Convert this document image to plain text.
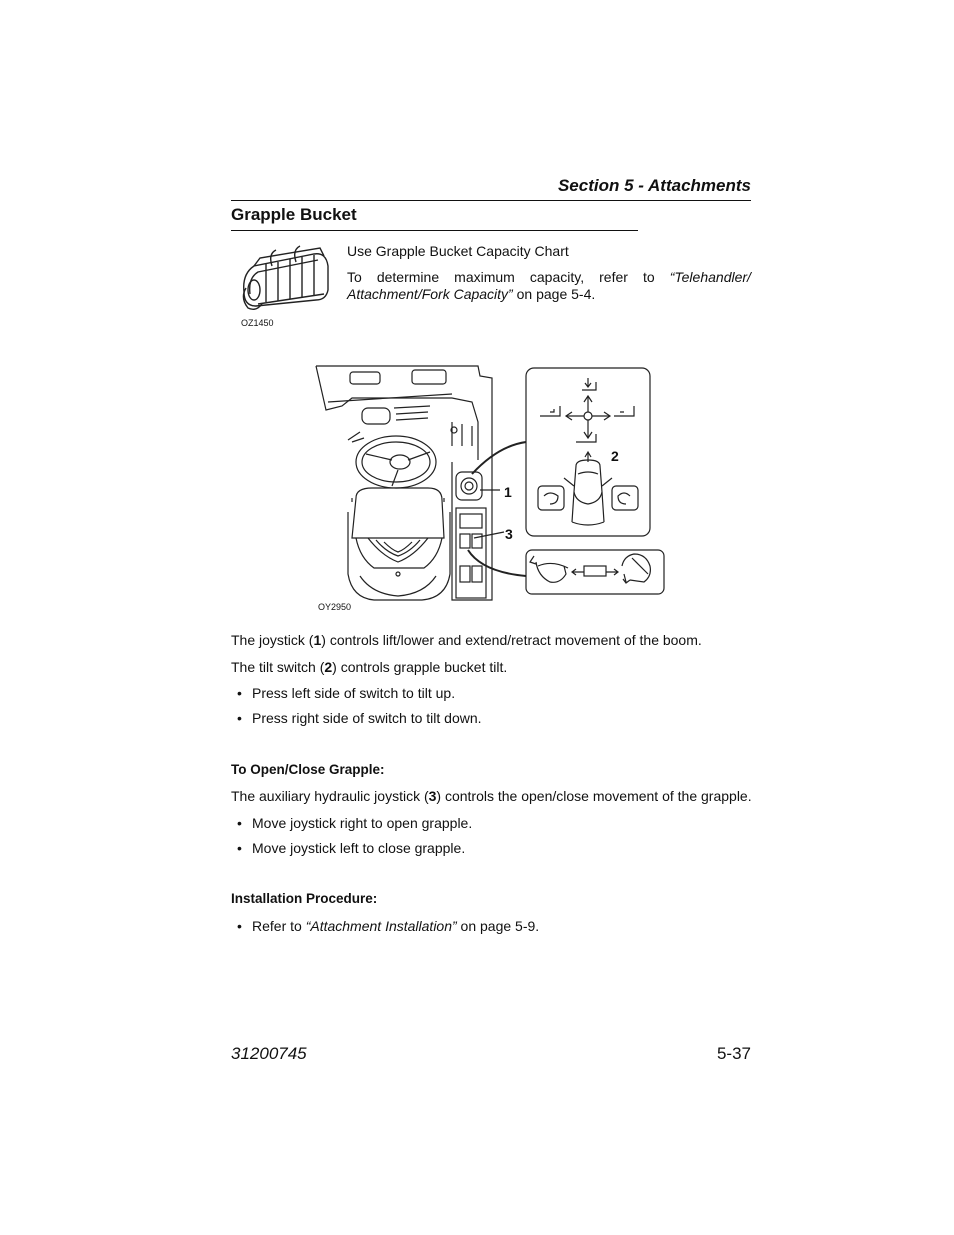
Section 5 - Attachments
Grapple Bucket
OZ1450
Use Grapple Bucket Capacity Chart
To determine maximum capacity, refer to “Telehandler/
Attachment/Fork Capacity” on page 5-4.
1
2
3
OY2950
The joystick (1) controls lift/lower and extend/retract movement of the boom.
The tilt switch (2) controls grapple bucket tilt.
• Press left side of switch to tilt up.
• Press right side of switch to tilt down.
To Open/Close Grapple:
The auxiliary hydraulic joystick (3) controls the open/close movement of the grapple.
• Move joystick right to open grapple.
• Move joystick left to close grapple.
Installation Procedure:
• Refer to “Attachment Installation” on page 5-9.
31200745	5-37
